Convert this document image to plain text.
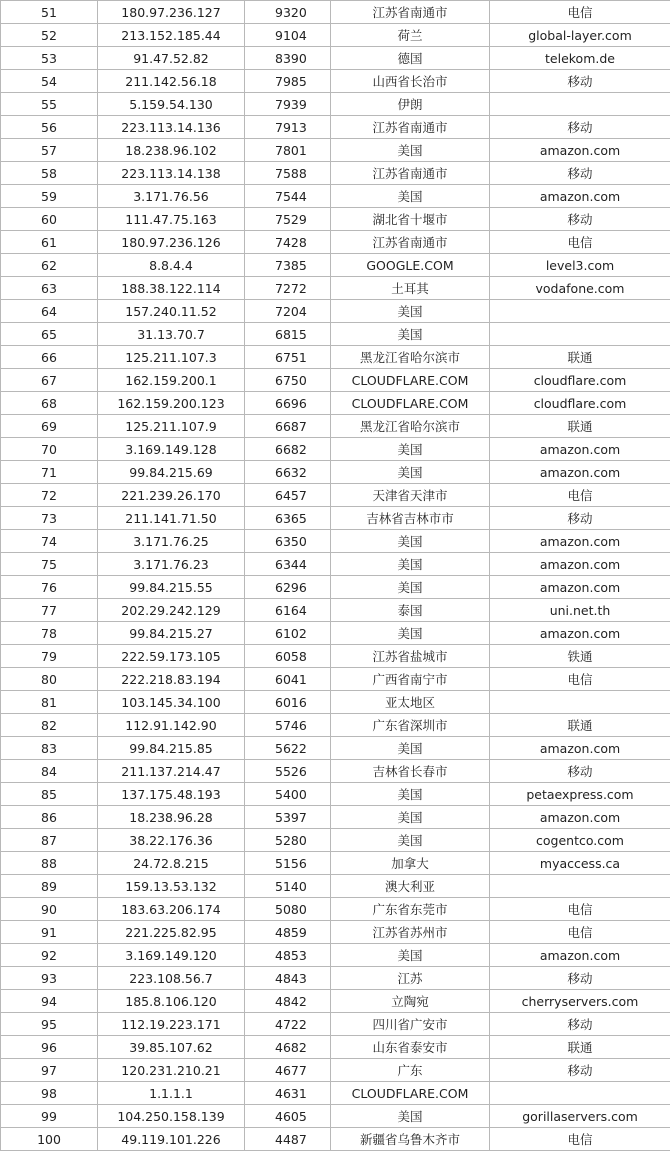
51	180.97.236.127	9320	江苏省南通市	电信
52	213.152.185.44	9104	荷兰	global-layer.com
53	91.47.52.82	8390	德国	telekom.de
54	211.142.56.18	7985	山西省长治市	移动
55	5.159.54.130	7939	伊朗	
56	223.113.14.136	7913	江苏省南通市	移动
57	18.238.96.102	7801	美国	amazon.com
58	223.113.14.138	7588	江苏省南通市	移动
59	3.171.76.56	7544	美国	amazon.com
60	111.47.75.163	7529	湖北省十堰市	移动
61	180.97.236.126	7428	江苏省南通市	电信
62	8.8.4.4	7385	GOOGLE.COM	level3.com
63	188.38.122.114	7272	土耳其	vodafone.com
64	157.240.11.52	7204	美国	
65	31.13.70.7	6815	美国	
66	125.211.107.3	6751	黑龙江省哈尔滨市	联通
67	162.159.200.1	6750	CLOUDFLARE.COM	cloudflare.com
68	162.159.200.123	6696	CLOUDFLARE.COM	cloudflare.com
69	125.211.107.9	6687	黑龙江省哈尔滨市	联通
70	3.169.149.128	6682	美国	amazon.com
71	99.84.215.69	6632	美国	amazon.com
72	221.239.26.170	6457	天津省天津市	电信
73	211.141.71.50	6365	吉林省吉林市市	移动
74	3.171.76.25	6350	美国	amazon.com
75	3.171.76.23	6344	美国	amazon.com
76	99.84.215.55	6296	美国	amazon.com
77	202.29.242.129	6164	泰国	uni.net.th
78	99.84.215.27	6102	美国	amazon.com
79	222.59.173.105	6058	江苏省盐城市	铁通
80	222.218.83.194	6041	广西省南宁市	电信
81	103.145.34.100	6016	亚太地区	
82	112.91.142.90	5746	广东省深圳市	联通
83	99.84.215.85	5622	美国	amazon.com
84	211.137.214.47	5526	吉林省长春市	移动
85	137.175.48.193	5400	美国	petaexpress.com
86	18.238.96.28	5397	美国	amazon.com
87	38.22.176.36	5280	美国	cogentco.com
88	24.72.8.215	5156	加拿大	myaccess.ca
89	159.13.53.132	5140	澳大利亚	
90	183.63.206.174	5080	广东省东莞市	电信
91	221.225.82.95	4859	江苏省苏州市	电信
92	3.169.149.120	4853	美国	amazon.com
93	223.108.56.7	4843	江苏	移动
94	185.8.106.120	4842	立陶宛	cherryservers.com
95	112.19.223.171	4722	四川省广安市	移动
96	39.85.107.62	4682	山东省泰安市	联通
97	120.231.210.21	4677	广东	移动
98	1.1.1.1	4631	CLOUDFLARE.COM	
99	104.250.158.139	4605	美国	gorillaservers.com
100	49.119.101.226	4487	新疆省乌鲁木齐市	电信
